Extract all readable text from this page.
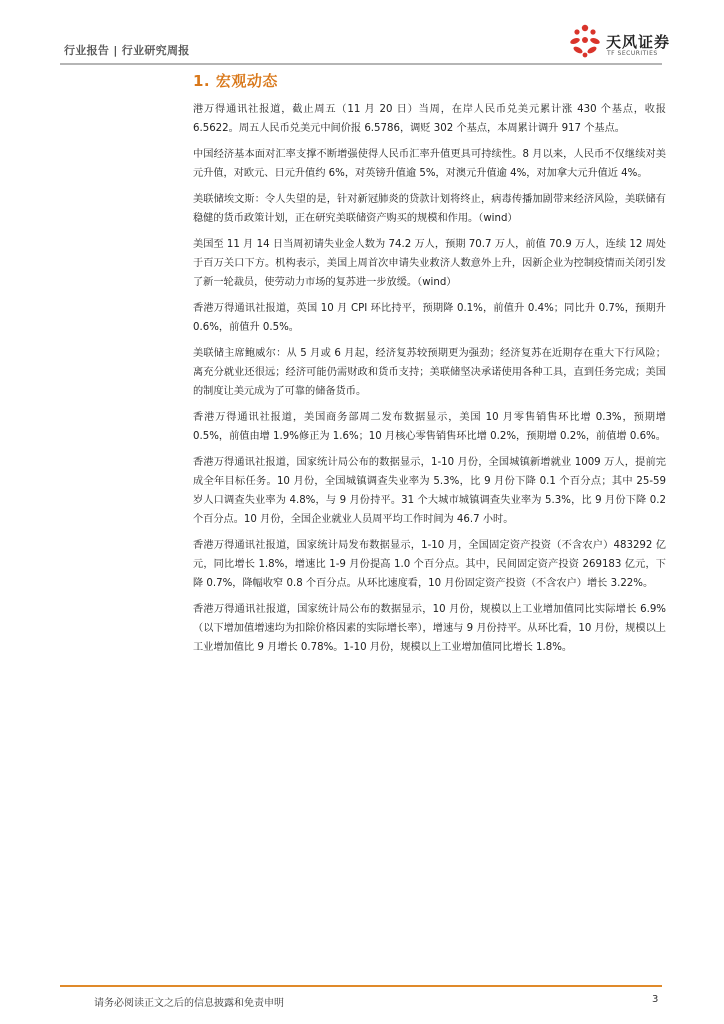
行业报告 | 行业研究周报	天风证券
TF SECURITIES
1. 宏观动态

港万得通讯社报道，截止周五（11 月 20 日）当周，在岸人民币兑美元累计涨 430 个基点，收报 6.5622。周五人民币兑美元中间价报 6.5786，调贬 302 个基点，本周累计调升 917 个基点。

中国经济基本面对汇率支撑不断增强使得人民币汇率升值更具可持续性。8 月以来，人民币不仅继续对美元升值，对欧元、日元升值约 6%，对英镑升值逾 5%，对澳元升值逾 4%，对加拿大元升值近 4%。

美联储埃文斯：令人失望的是，针对新冠肺炎的贷款计划将终止，病毒传播加剧带来经济风险，美联储有稳健的货币政策计划，正在研究美联储资产购买的规模和作用。（wind）

美国至 11 月 14 日当周初请失业金人数为 74.2 万人，预期 70.7 万人，前值 70.9 万人，连续 12 周处于百万关口下方。机构表示，美国上周首次申请失业救济人数意外上升，因新企业为控制疫情而关闭引发了新一轮裁员，使劳动力市场的复苏进一步放缓。（wind）

香港万得通讯社报道，英国 10 月 CPI 环比持平，预期降 0.1%，前值升 0.4%；同比升 0.7%，预期升 0.6%，前值升 0.5%。

美联储主席鲍威尔：从 5 月或 6 月起，经济复苏较预期更为强劲；经济复苏在近期存在重大下行风险；离充分就业还很远；经济可能仍需财政和货币支持；美联储坚决承诺使用各种工具，直到任务完成；美国的制度让美元成为了可靠的储备货币。

香港万得通讯社报道，美国商务部周二发布数据显示，美国 10 月零售销售环比增 0.3%，预期增 0.5%，前值由增 1.9%修正为 1.6%；10 月核心零售销售环比增 0.2%，预期增 0.2%，前值增 0.6%。

香港万得通讯社报道，国家统计局公布的数据显示，1-10 月份，全国城镇新增就业 1009 万人，提前完成全年目标任务。10 月份，全国城镇调查失业率为 5.3%，比 9 月份下降 0.1 个百分点；其中 25-59 岁人口调查失业率为 4.8%，与 9 月份持平。31 个大城市城镇调查失业率为 5.3%，比 9 月份下降 0.2 个百分点。10 月份，全国企业就业人员周平均工作时间为 46.7 小时。

香港万得通讯社报道，国家统计局发布数据显示，1-10 月，全国固定资产投资（不含农户）483292 亿元，同比增长 1.8%，增速比 1-9 月份提高 1.0 个百分点。其中，民间固定资产投资 269183 亿元，下降 0.7%，降幅收窄 0.8 个百分点。从环比速度看，10 月份固定资产投资（不含农户）增长 3.22%。

香港万得通讯社报道，国家统计局公布的数据显示，10 月份，规模以上工业增加值同比实际增长 6.9%（以下增加值增速均为扣除价格因素的实际增长率），增速与 9 月份持平。从环比看，10 月份，规模以上工业增加值比 9 月增长 0.78%。1-10 月份，规模以上工业增加值同比增长 1.8%。

请务必阅读正文之后的信息披露和免责申明	3
